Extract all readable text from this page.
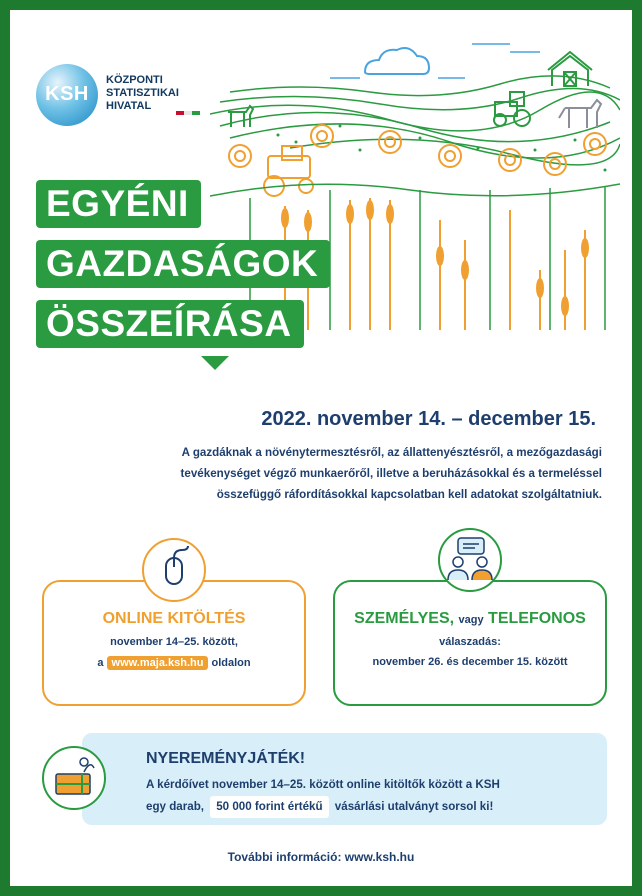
KSH
KÖZPONTI
STATISZTIKAI
HIVATAL
EGYÉNI
GAZDASÁGOK
ÖSSZEÍRÁSA
2022. november 14. – december 15.
A gazdáknak a növénytermesztésről, az állattenyésztésről, a mezőgazdasági
tevékenységet végző munkaerőről, illetve a beruházásokkal és a termeléssel
összefüggő ráfordításokkal kapcsolatban kell adatokat szolgáltatniuk.
ONLINE KITÖLTÉS
november 14–25. között,
a www.maja.ksh.hu oldalon
SZEMÉLYES, vagy TELEFONOS
válaszadás:
november 26. és december 15. között
NYEREMÉNYJÁTÉK!
A kérdőívet november 14–25. között online kitöltők között a KSH
egy darab, 50 000 forint értékű vásárlási utalványt sorsol ki!
További információ: www.ksh.hu
